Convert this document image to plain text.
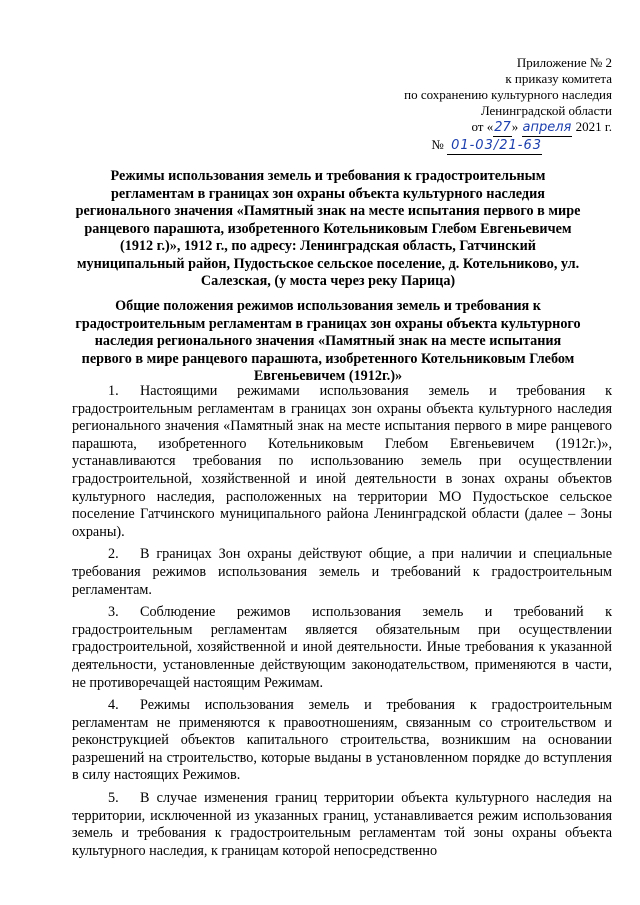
Приложение № 2
к приказу комитета
по сохранению культурного наследия
Ленинградской области
от «27» апреля 2021 г.
№ 01-03/21-63
Режимы использования земель и требования к градостроительным регламентам в границах зон охраны объекта культурного наследия регионального значения «Памятный знак на месте испытания первого в мире ранцевого парашюта, изобретенного Котельниковым Глебом Евгеньевичем (1912 г.)», 1912 г., по адресу: Ленинградская область, Гатчинский муниципальный район, Пудостьское сельское поселение, д. Котельниково, ул. Салезская, (у моста через реку Парица)
Общие положения режимов использования земель и требования к градостроительным регламентам в границах зон охраны объекта культурного наследия регионального значения «Памятный знак на месте испытания первого в мире ранцевого парашюта, изобретенного Котельниковым Глебом Евгеньевичем (1912г.)»

1. Настоящими режимами использования земель и требования к градостроительным регламентам в границах зон охраны объекта культурного наследия регионального значения «Памятный знак на месте испытания первого в мире ранцевого парашюта, изобретенного Котельниковым Глебом Евгеньевичем (1912г.)», устанавливаются требования по использованию земель при осуществлении градостроительной, хозяйственной и иной деятельности в зонах охраны объектов культурного наследия, расположенных на территории МО Пудостьское сельское поселение Гатчинского муниципального района Ленинградской области (далее – Зоны охраны).

2. В границах Зон охраны действуют общие, а при наличии и специальные требования режимов использования земель и требований к градостроительным регламентам.

3. Соблюдение режимов использования земель и требований к градостроительным регламентам является обязательным при осуществлении градостроительной, хозяйственной и иной деятельности. Иные требования к указанной деятельности, установленные действующим законодательством, применяются в части, не противоречащей настоящим Режимам.

4. Режимы использования земель и требования к градостроительным регламентам не применяются к правоотношениям, связанным со строительством и реконструкцией объектов капитального строительства, возникшим на основании разрешений на строительство, которые выданы в установленном порядке до вступления в силу настоящих Режимов.

5. В случае изменения границ территории объекта культурного наследия на территории, исключенной из указанных границ, устанавливается режим использования земель и требования к градостроительным регламентам той зоны охраны объекта культурного наследия, к границам которой непосредственно
